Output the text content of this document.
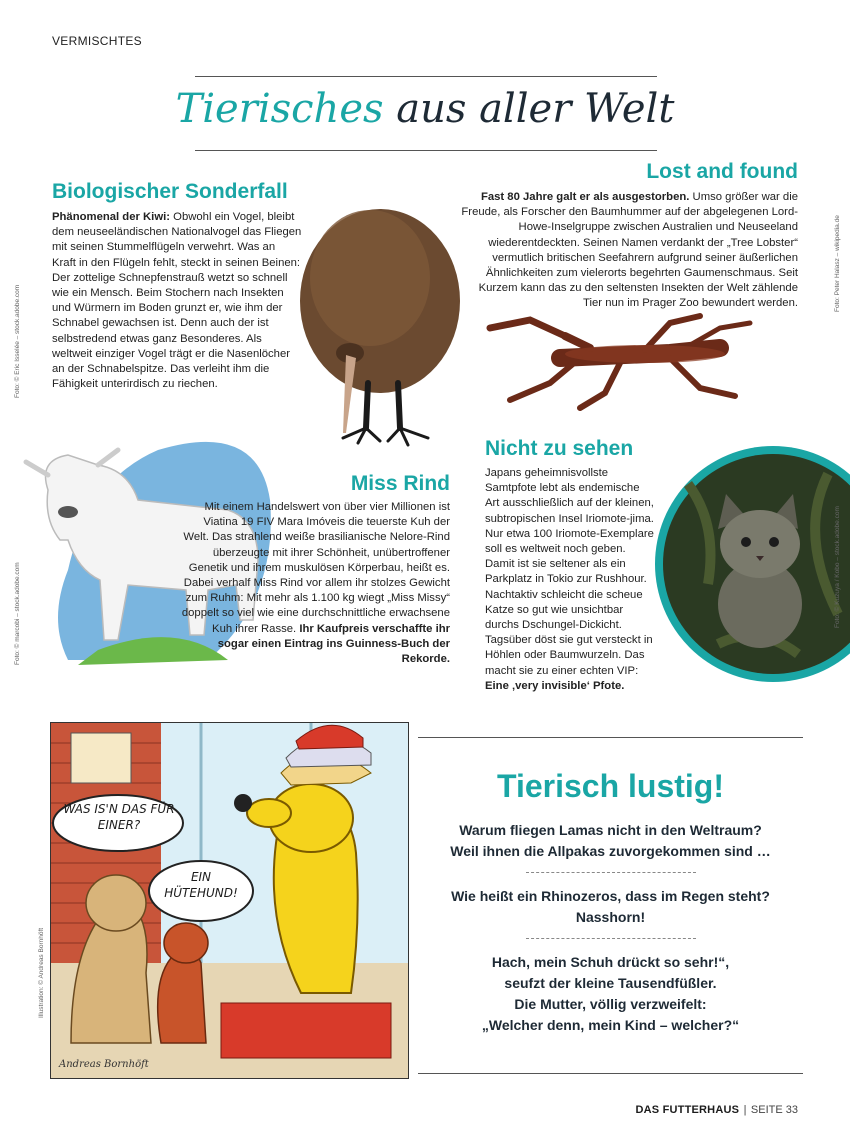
VERMISCHTES
Tierisches aus aller Welt
Foto: © Eric Isselée – stock.adobe.com
Biologischer Sonderfall
Phänomenal der Kiwi: Obwohl ein Vogel, bleibt dem neuseeländischen Nationalvogel das Fliegen mit seinen Stummelflügeln verwehrt. Was an Kraft in den Flügeln fehlt, steckt in seinen Beinen: Der zottelige Schnepfenstrauß wetzt so schnell wie ein Mensch. Beim Stochern nach Insekten und Würmern im Boden grunzt er, wie ihm der Schnabel gewachsen ist. Denn auch der ist selbstredend etwas ganz Besonderes. Als weltweit einziger Vogel trägt er die Nasenlöcher an der Schnabelspitze. Das verleiht ihm die Fähigkeit unterirdisch zu riechen.
Foto: Peter Halasz – wikipedia.de
Lost and found
Fast 80 Jahre galt er als ausgestorben. Umso größer war die Freude, als Forscher den Baumhummer auf der abgelegenen Lord-Howe-Inselgruppe zwischen Australien und Neuseeland wiederentdeckten. Seinen Namen verdankt der „Tree Lobster“ vermutlich britischen Seefahrern aufgrund seiner äußerlichen Ähnlichkeiten zum vielerorts begehrten Gaumenschmaus. Seit Kurzem kann das zu den seltensten Insekten der Welt zählende Tier nun im Prager Zoo bewundert werden.
Foto: © marcobi – stock.adobe.com
Miss Rind
Mit einem Handelswert von über vier Millionen ist Viatina 19 FIV Mara Imóveis die teuerste Kuh der Welt. Das strahlend weiße brasilianische Nelore-Rind überzeugte mit ihrer Schönheit, unübertroffener Genetik und ihrem muskulösen Körperbau, heißt es. Dabei verhalf Miss Rind vor allem ihr stolzes Gewicht zum Ruhm: Mit mehr als 1.100 kg wiegt „Miss Missy“ doppelt so viel wie eine durchschnittliche erwachsene Kuh ihrer Rasse. Ihr Kaufpreis verschaffte ihr sogar einen Eintrag ins Guinness-Buch der Rekorde.
Nicht zu sehen
Japans geheimnisvollste Samtpfote lebt als endemische Art ausschließlich auf der kleinen, subtropischen Insel Iriomote-jima. Nur etwa 100 Iriomote-Exemplare soll es weltweit noch geben. Damit ist sie seltener als ein Parkplatz in Tokio zur Rushhour. Nachtaktiv schleicht die scheue Katze so gut wie unsichtbar durchs Dschungel-Dickicht. Tagsüber döst sie gut versteckt in Höhlen oder Baumwurzeln. Das macht sie zu einer echten VIP: Eine ‚very invisible‘ Pfote.
Foto: © Kuzuya / Kobo – stock.adobe.com
WAS IS'N DAS FÜR EINER?
EIN HÜTEHUND!
Andreas Bornhöft
Illustration: © Andreas Bornhöft
Tierisch lustig!
Warum fliegen Lamas nicht in den Weltraum?
Weil ihnen die Allpakas zuvorgekommen sind …
Wie heißt ein Rhinozeros, dass im Regen steht?
Nasshorn!
Hach, mein Schuh drückt so sehr!“,
seufzt der kleine Tausendfüßler.
Die Mutter, völlig verzweifelt:
„Welcher denn, mein Kind – welcher?“
DAS FUTTERHAUS | SEITE 33
